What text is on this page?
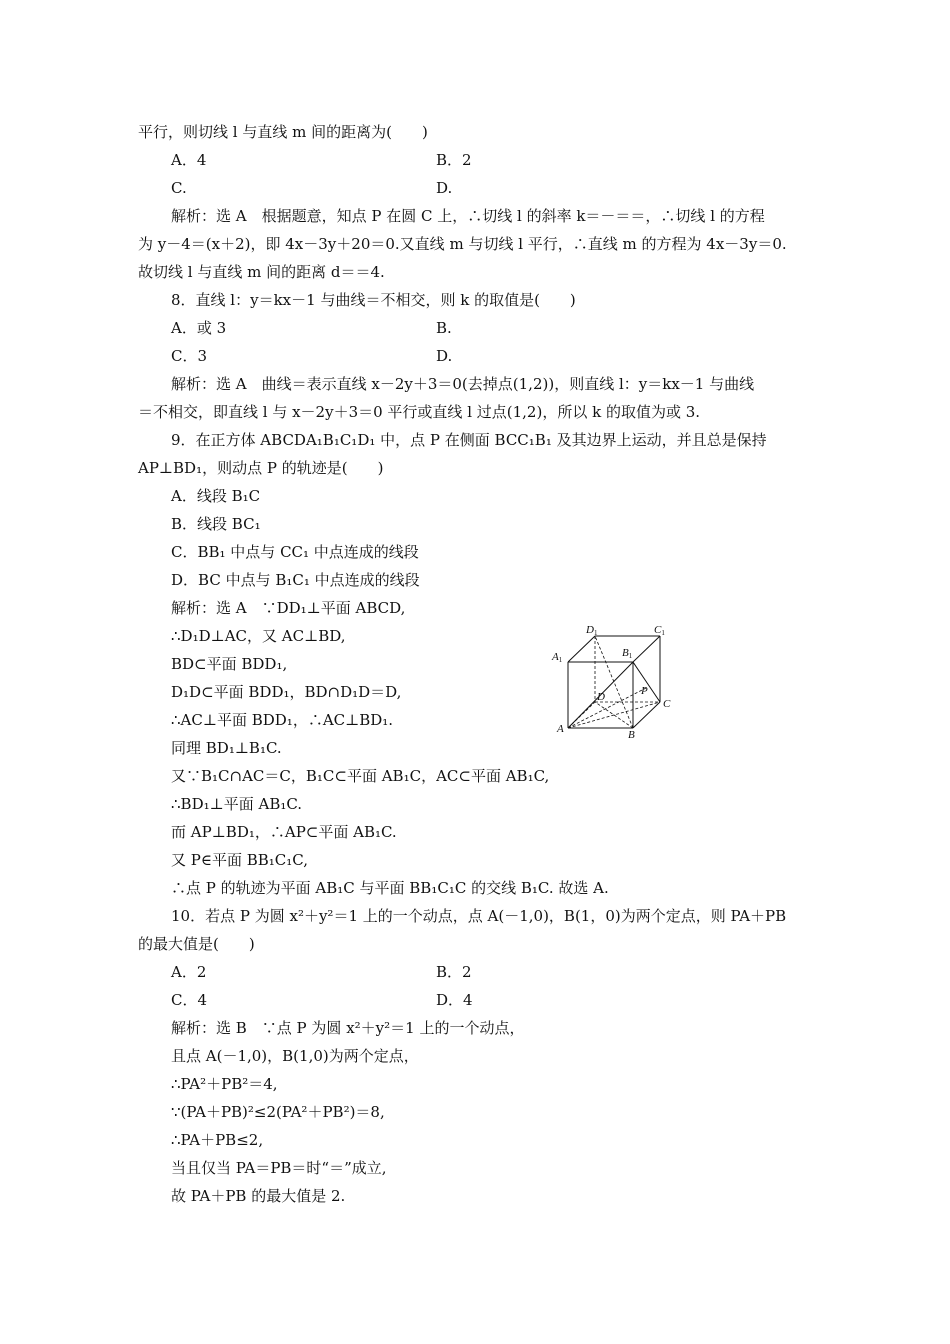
平行，则切线 l 与直线 m 间的距离为(　　)
A．4	B．2
C.	D.
解析：选 A　根据题意，知点 P 在圆 C 上，∴切线 l 的斜率 k＝－＝＝，∴切线 l 的方程
为 y－4＝(x＋2)，即 4x－3y＋20＝0.又直线 m 与切线 l 平行，∴直线 m 的方程为 4x－3y＝0.
故切线 l 与直线 m 间的距离 d＝＝4.
8．直线 l：y＝kx－1 与曲线＝不相交，则 k 的取值是(　　)
A．或 3	B.
C．3	D.
解析：选 A　曲线＝表示直线 x－2y＋3＝0(去掉点(1,2))，则直线 l：y＝kx－1 与曲线
＝不相交，即直线 l 与 x－2y＋3＝0 平行或直线 l 过点(1,2)，所以 k 的取值为或 3.
9．在正方体 ABCDA₁B₁C₁D₁ 中，点 P 在侧面 BCC₁B₁ 及其边界上运动，并且总是保持
AP⊥BD₁，则动点 P 的轨迹是(　　)
A．线段 B₁C
B．线段 BC₁
C．BB₁ 中点与 CC₁ 中点连成的线段
D．BC 中点与 B₁C₁ 中点连成的线段
解析：选 A　∵DD₁⊥平面 ABCD,
∴D₁D⊥AC，又 AC⊥BD,
BD⊂平面 BDD₁,
D₁D⊂平面 BDD₁，BD∩D₁D＝D,
∴AC⊥平面 BDD₁，∴AC⊥BD₁.
同理 BD₁⊥B₁C.
又∵B₁C∩AC＝C，B₁C⊂平面 AB₁C，AC⊂平面 AB₁C,
∴BD₁⊥平面 AB₁C.
而 AP⊥BD₁，∴AP⊂平面 AB₁C.
又 P∈平面 BB₁C₁C,
∴点 P 的轨迹为平面 AB₁C 与平面 BB₁C₁C 的交线 B₁C. 故选 A.
10．若点 P 为圆 x²＋y²＝1 上的一个动点，点 A(－1,0)，B(1，0)为两个定点，则 PA＋PB
的最大值是(　　)
A．2	B．2
C．4	D．4
解析：选 B　∵点 P 为圆 x²＋y²＝1 上的一个动点，
且点 A(－1,0)，B(1,0)为两个定点，
∴PA²＋PB²＝4,
∵(PA＋PB)²≤2(PA²＋PB²)＝8,
∴PA＋PB≤2,
当且仅当 PA＝PB＝时“＝”成立,
故 PA＋PB 的最大值是 2.
D1	C1
A1
B1
D	P
C
A	B
